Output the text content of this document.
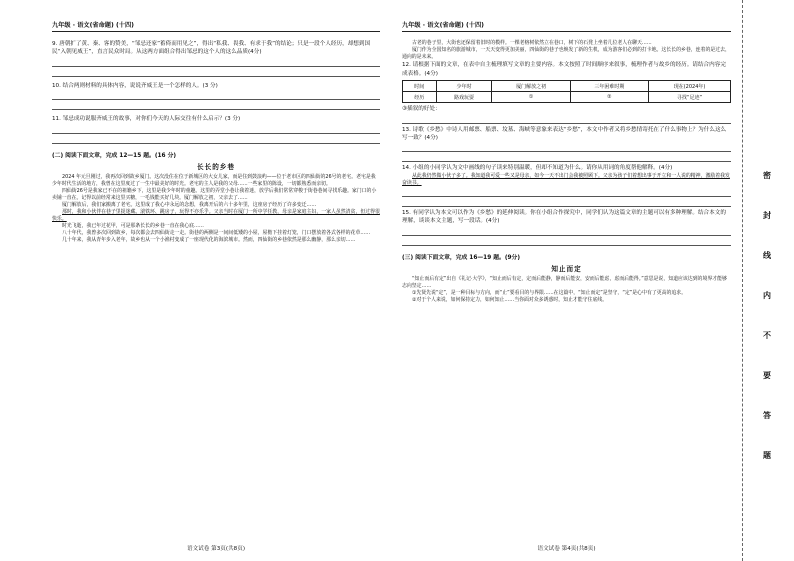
九年级 · 语文(省命题) (十四)

9. 唐朝扩了黄、秦、客的赞美，“邹忌还家”蓄倚而用见之”，得出“私我、畏我、有求于我”的结论；只是一段个人经历，却想到国民“入朝见威王”，直言民众时局。从这两方面组合得出邹忌的这个人的这么品质(4分)

10. 结合两则材料的具体内容，说说齐威王是一个怎样的人。(3 分)

11. 邹忌成功说服齐威王的故事，对你们今天的人际交往有什么启示？(3 分)

(二) 阅读下面文章，完成 12—15 题。(16 分)
长长的乡巷

2024 年元旦刚过，我再次回到故乡厦门。这次没住在位于新城区的大女儿家，而是住到鼓浪屿——位于老市区的四仙街的26号的老宅。老宅是我少年时代生活的地方，我曾在这里度过了一生中最美好的时光。老宅的主人是我的父母……一些家里的陈设，一切都熟悉而亲切。

四仙街26号是我家已不在的祖籍乡下，这里是我少年时的童趣。这里的弄堂小巷让我着迷，放学后我们常常穿梭于街巷巷间寻找乐趣。家门口的小卖铺一直在。记得以前经常来这里买糖，一毛钱能买好几块。厦门解放之初，父亲去了……

厦门解放后，我们家搬离了老宅。这里成了我心中永远的念想，我离开后的六十多年里，这座房子经历了许多变迁……

那时，我和小伙伴在巷子里捉迷藏、滚铁环、跳房子，玩得不亦乐乎。父亲当时在厦门一所中学任教，母亲是家庭主妇，一家人虽然清贫，但过得很快乐。

时光飞逝，我已年过花甲，可是那条长长的乡巷一直在我心底……

八十年代，我曾多次回到故乡，每次都会去四仙街走一走。街巷的两侧是一间间低矮的小屋，屋檐下挂着灯笼，门口摆放着各式各样的花草……

几十年来，我从青年步入老年，故乡也从一个小渔村变成了一座现代化的海滨城市。然而，四仙街的乡巷依然是那么幽静，那么亲切……

语文试卷 第3页(共8页)
九年级 · 语文(省命题) (十四)

古老的巷子里，大街也还保留着旧时的模样。一棵老榕树依然立在巷口，树下的石凳上坐着几位老人在聊天……

厦门作为全国知名的旅游城市，一天天变得更加美丽，四仙街的巷子也焕发了新的生机，成为游客们必到的打卡地。这长长的乡巷，连着的是过去，通向的是未来。

12. 请根据下面的文章，在表中自主梳理填写文章的主要内容。本文按照了时间顺序来叙事，梳理作者与故乡的经历。请结合内容完成表格。(4分)

时间	少年时	厦门解放之初	三年困难时期	现在(2024年)
经历	路戏玩耍	①	②	寻找“足迹”

③插叙的好处：

13. 诗歌《乡愁》中诗人用邮票、船票、坟墓、海峡等意象来表达“乡愁”，本文中作者又将乡愁情寄托在了什么事物上？为什么这么写一致？(4分)

14. 小组的小同学认为文中画线的句子读来特别温暖，但却不知道为什么。请你从用词的角度帮他解释。(4分)

从此我仍然做小伙子多了。我知道我可爱一些又是母亲，如今一天不出门会我被照顾下。父亲为孩子们着想出事于开立和一人说的精神，激励着我发奋读书。

15. 有同学认为本文可以作为《乡愁》的延伸阅读。你在小组合作探究中，同学们认为这篇文章的主题可以有多种理解。结合本文的理解，谈谈本文主题，写一段话。(4分)

(三) 阅读下面文章，完成 16—19 题。(9分)
知止而定

“知止而后有定”出自《礼记·大学》，“知止而后有定，定而后能静，静而后能安，安而后能虑，虑而后能得。”意思是说，知道应该达到的境界才能够志向坚定……

①先贤先说“定”，是一种目标与方向，而“止”要看目的与界限……在这篇中，“知止而定”是坚守，“定”是心中有了更高的追求。

②对于个人来说，如何保持定力，如何知止……当你面对众多诱惑时，知止才能守住底线。

语文试卷 第4页(共8页)
密
封
线
内
不
要
答
题
